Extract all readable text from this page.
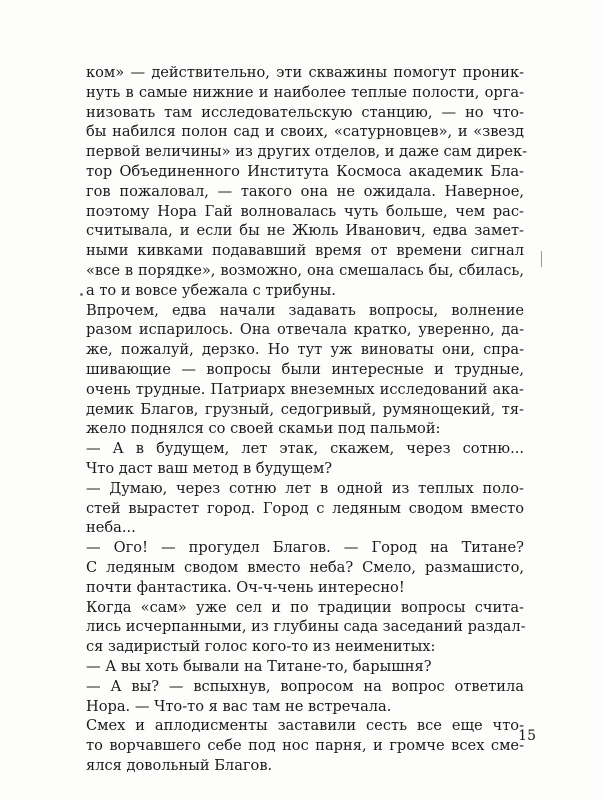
ком» — действительно, эти скважины помогут проник-
нуть в самые нижние и наиболее теплые полости, орга-
низовать там исследовательскую станцию, — но что-
бы набился полон сад и своих, «сатурновцев», и «звезд
первой величины» из других отделов, и даже сам дирек-
тор Объединенного Института Космоса академик Бла-
гов пожаловал, — такого она не ожидала. Наверное,
поэтому Нора Гай волновалась чуть больше, чем рас-
считывала, и если бы не Жюль Иванович, едва замет-
ными кивками подававший время от времени сигнал
«все в порядке», возможно, она смешалась бы, сбилась,
а то и вовсе убежала с трибуны.
Впрочем, едва начали задавать вопросы, волнение
разом испарилось. Она отвечала кратко, уверенно, да-
же, пожалуй, дерзко. Но тут уж виноваты они, спра-
шивающие — вопросы были интересные и трудные,
очень трудные. Патриарх внеземных исследований ака-
демик Благов, грузный, седогривый, румянощекий, тя-
жело поднялся со своей скамьи под пальмой:
— А в будущем, лет этак, скажем, через сотню...
Что даст ваш метод в будущем?
— Думаю, через сотню лет в одной из теплых поло-
стей вырастет город. Город с ледяным сводом вместо
неба...
— Ого! — прогудел Благов. — Город на Титане?
С ледяным сводом вместо неба? Смело, размашисто,
почти фантастика. Оч-ч-чень интересно!
Когда «сам» уже сел и по традиции вопросы счита-
лись исчерпанными, из глубины сада заседаний раздал-
ся задиристый голос кого-то из неименитых:
— А вы хоть бывали на Титане-то, барышня?
— А вы? — вспыхнув, вопросом на вопрос ответила
Нора. — Что-то я вас там не встречала.
Смех и аплодисменты заставили сесть все еще что-
то ворчавшего себе под нос парня, и громче всех сме-
ялся довольный Благов.
15
